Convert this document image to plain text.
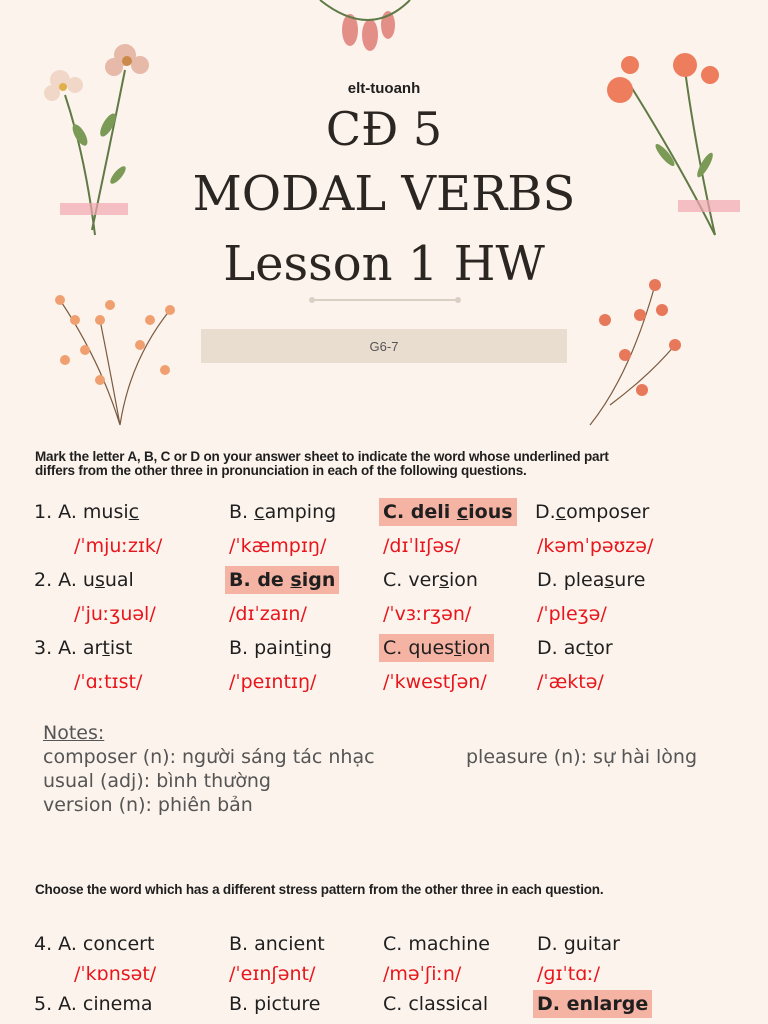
elt-tuoanh
CĐ 5
MODAL VERBS
Lesson 1 HW
G6-7
Mark the letter A, B, C or D on your answer sheet to indicate the word whose underlined part
differs from the other three in pronunciation in each of the following questions.
1. A. music	B. camping C. deli cious D.composer
/ˈmjuːzɪk/	/ˈkæmpɪŋ/	/dɪˈlɪʃəs/	/kəmˈpəʊzə/
2. A. usual	B. de sign	C. version	D. pleasure
/ˈjuːʒuəl/	/dɪˈzaɪn/	/ˈvɜːrʒən/	/ˈpleʒə/
3. A. artist	B. painting	C. question D. actor
/ˈɑːtɪst/	/ˈpeɪntɪŋ/	/ˈkwestʃən/	/ˈæktə/
Notes:
composer (n): người sáng tác nhạc	pleasure (n): sự hài lòng
usual (adj): bình thường
version (n): phiên bản
Choose the word which has a different stress pattern from the other three in each question.
4. A. concert	B. ancient	C. machine D. guitar
/ˈkɒnsət/	/ˈeɪnʃənt/	/məˈʃiːn/	/ɡɪˈtɑː/
5. A. cinema	B. picture	C. classical	D. enlarge
